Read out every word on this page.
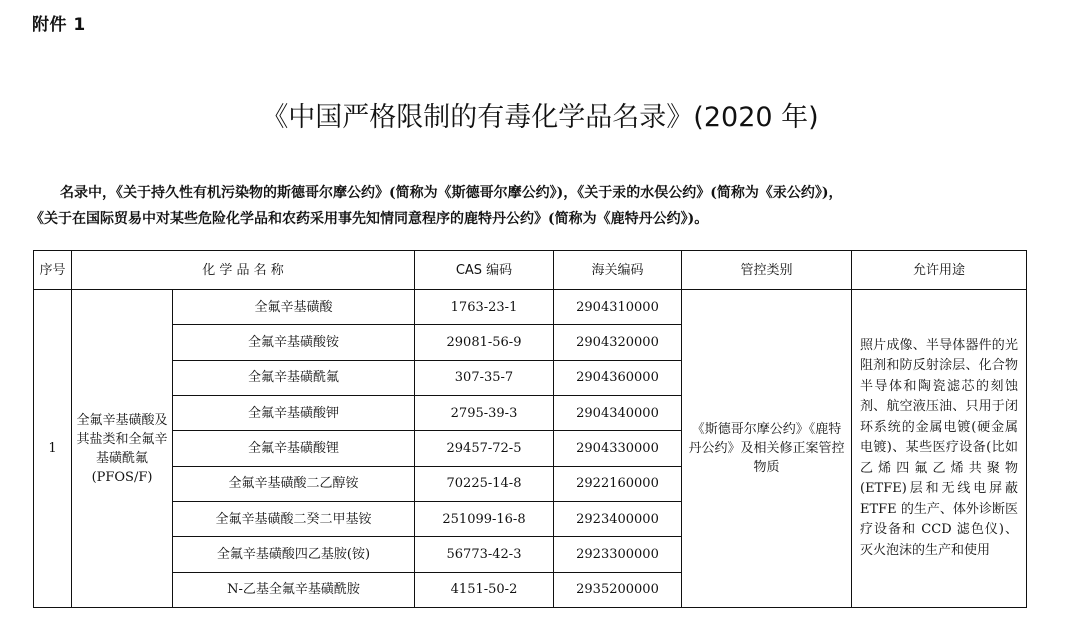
附件 1
《中国严格限制的有毒化学品名录》(2020 年)
名录中，《关于持久性有机污染物的斯德哥尔摩公约》(简称为《斯德哥尔摩公约》)，《关于汞的水俣公约》(简称为《汞公约》)，
《关于在国际贸易中对某些危险化学品和农药采用事先知情同意程序的鹿特丹公约》(简称为《鹿特丹公约》)。
序号	化 学 品 名 称		CAS 编码	海关编码	管控类别	允许用途
1	全氟辛基磺酸及其盐类和全氟辛基磺酰氟(PFOS/F)	全氟辛基磺酸	1763-23-1	2904310000	《斯德哥尔摩公约》《鹿特丹公约》及相关修正案管控物质	照片成像、半导体器件的光阻剂和防反射涂层、化合物半导体和陶瓷滤芯的刻蚀剂、航空液压油、只用于闭环系统的金属电镀(硬金属电镀)、某些医疗设备(比如乙烯四氟乙烯共聚物(ETFE)层和无线电屏蔽ETFE 的生产、体外诊断医疗设备和 CCD 滤色仪)、灭火泡沫的生产和使用
		全氟辛基磺酸铵	29081-56-9	2904320000		
		全氟辛基磺酰氟	307-35-7	2904360000		
		全氟辛基磺酸钾	2795-39-3	2904340000		
		全氟辛基磺酸锂	29457-72-5	2904330000		
		全氟辛基磺酸二乙醇铵	70225-14-8	2922160000		
		全氟辛基磺酸二癸二甲基铵	251099-16-8	2923400000		
		全氟辛基磺酸四乙基胺(铵)	56773-42-3	2923300000		
		N-乙基全氟辛基磺酰胺	4151-50-2	2935200000		
